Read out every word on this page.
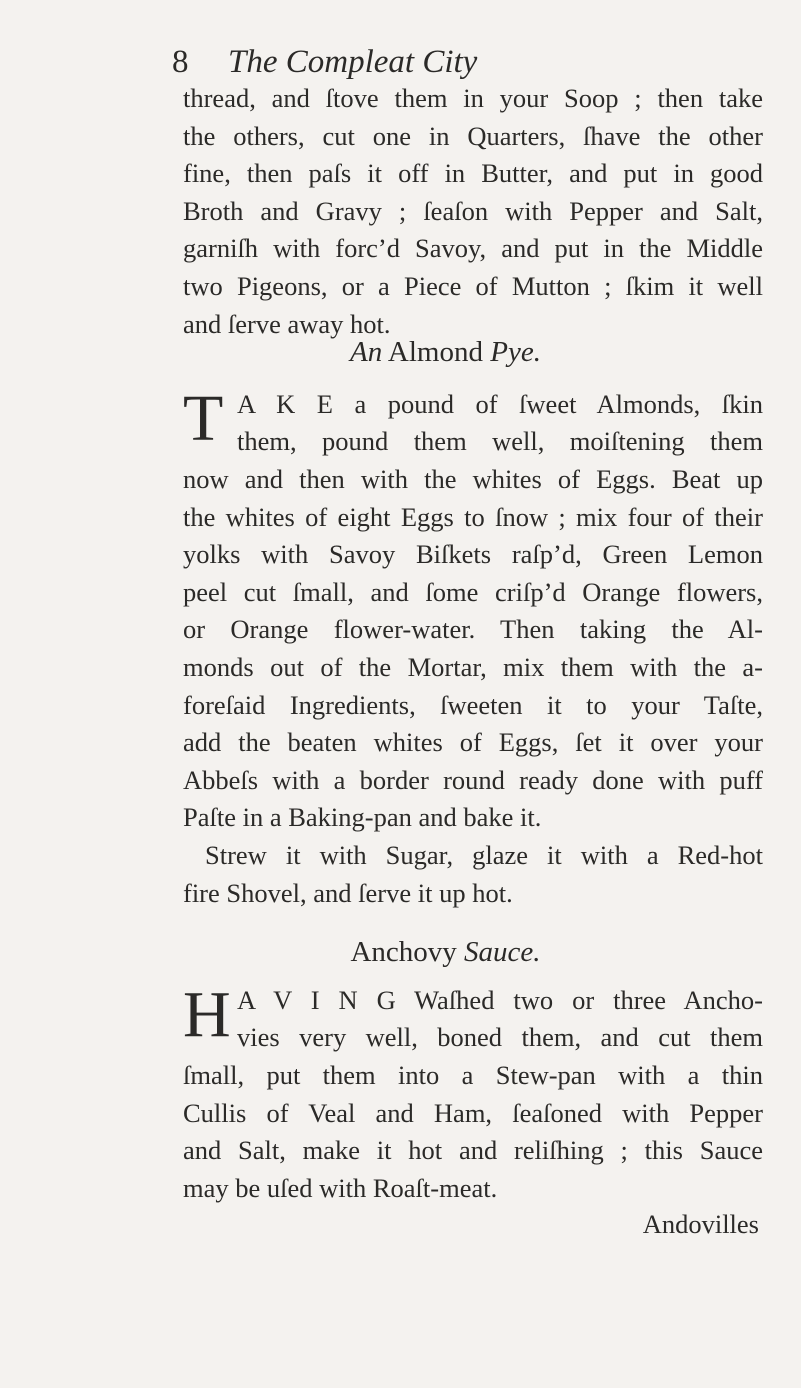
8 The Compleat City
thread, and ſtove them in your Soop ; then take
the others, cut one in Quarters, ſhave the other
fine, then paſs it off in Butter, and put in good
Broth and Gravy ; ſeaſon with Pepper and Salt,
garniſh with forc’d Savoy, and put in the Middle
two Pigeons, or a Piece of Mutton ; ſkim it well
and ſerve away hot.
An Almond Pye.
T A K E a pound of ſweet Almonds, ſkin
them, pound them well, moiſtening them
now and then with the whites of Eggs. Beat up
the whites of eight Eggs to ſnow ; mix four of their
yolks with Savoy Biſkets raſp’d, Green Lemon
peel cut ſmall, and ſome criſp’d Orange flowers,
or Orange flower-water. Then taking the Al-
monds out of the Mortar, mix them with the a-
foreſaid Ingredients, ſweeten it to your Taſte,
add the beaten whites of Eggs, ſet it over your
Abbeſs with a border round ready done with puff
Paſte in a Baking-pan and bake it.
Strew it with Sugar, glaze it with a Red-hot
fire Shovel, and ſerve it up hot.
Anchovy Sauce.
H A V I N G Waſhed two or three Ancho-
vies very well, boned them, and cut them
ſmall, put them into a Stew-pan with a thin
Cullis of Veal and Ham, ſeaſoned with Pepper
and Salt, make it hot and reliſhing ; this Sauce
may be uſed with Roaſt-meat.
Andovilles
